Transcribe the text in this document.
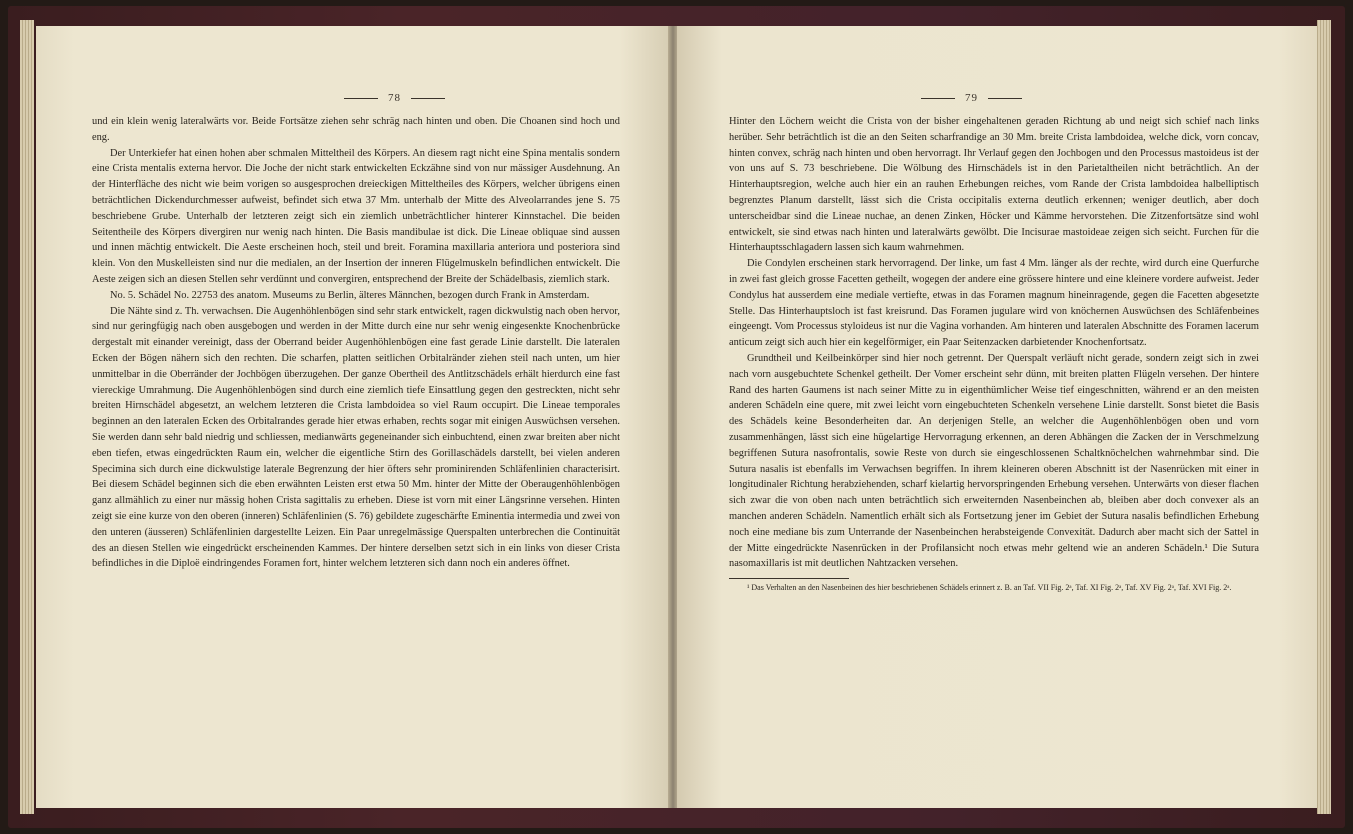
78

und ein klein wenig lateralwärts vor. Beide Fortsätze ziehen sehr schräg nach hinten und oben. Die Choanen sind hoch und eng.

Der Unterkiefer hat einen hohen aber schmalen Mitteltheil des Körpers. An diesem ragt nicht eine Spina mentalis sondern eine Crista mentalis externa hervor. Die Joche der nicht stark entwickelten Eckzähne sind von nur mässiger Ausdehnung. An der Hinterfläche des nicht wie beim vorigen so ausgesprochen dreieckigen Mitteltheiles des Körpers, welcher übrigens einen beträchtlichen Dickendurchmesser aufweist, befindet sich etwa 37 Mm. unterhalb der Mitte des Alveolarrandes jene S. 75 beschriebene Grube. Unterhalb der letzteren zeigt sich ein ziemlich unbeträchtlicher hinterer Kinnstachel. Die beiden Seitentheile des Körpers divergiren nur wenig nach hinten. Die Basis mandibulae ist dick. Die Lineae obliquae sind aussen und innen mächtig entwickelt. Die Aeste erscheinen hoch, steil und breit. Foramina maxillaria anteriora und posteriora sind klein. Von den Muskelleisten sind nur die medialen, an der Insertion der inneren Flügelmuskeln befindlichen entwickelt. Die Aeste zeigen sich an diesen Stellen sehr verdünnt und convergiren, entsprechend der Breite der Schädelbasis, ziemlich stark.

No. 5. Schädel No. 22753 des anatom. Museums zu Berlin, älteres Männchen, bezogen durch Frank in Amsterdam.

Die Nähte sind z. Th. verwachsen. Die Augenhöhlenbögen sind sehr stark entwickelt, ragen dickwulstig nach oben hervor, sind nur geringfügig nach oben ausgebogen und werden in der Mitte durch eine nur sehr wenig eingesenkte Knochenbrücke dergestalt mit einander vereinigt, dass der Oberrand beider Augenhöhlenbögen eine fast gerade Linie darstellt. Die lateralen Ecken der Bögen nähern sich den rechten. Die scharfen, platten seitlichen Orbitalränder ziehen steil nach unten, um hier unmittelbar in die Oberränder der Jochbögen überzugehen. Der ganze Obertheil des Antlitzschädels erhält hierdurch eine fast viereckige Umrahmung. Die Augenhöhlenbögen sind durch eine ziemlich tiefe Einsattlung gegen den gestreckten, nicht sehr breiten Hirnschädel abgesetzt, an welchem letzteren die Crista lambdoidea so viel Raum occupirt. Die Lineae temporales beginnen an den lateralen Ecken des Orbitalrandes gerade hier etwas erhaben, rechts sogar mit einigen Auswüchsen versehen. Sie werden dann sehr bald niedrig und schliessen, medianwärts gegeneinander sich einbuchtend, einen zwar breiten aber nicht eben tiefen, etwas eingedrückten Raum ein, welcher die eigentliche Stirn des Gorillaschädels darstellt, bei vielen anderen Specimina sich durch eine dickwulstige laterale Begrenzung der hier öfters sehr prominirenden Schläfenlinien characterisirt. Bei diesem Schädel beginnen sich die eben erwähnten Leisten erst etwa 50 Mm. hinter der Mitte der Oberaugenhöhlenbögen ganz allmählich zu einer nur mässig hohen Crista sagittalis zu erheben. Diese ist vorn mit einer Längsrinne versehen. Hinten zeigt sie eine kurze von den oberen (inneren) Schläfenlinien (S. 76) gebildete zugeschärfte Eminentia intermedia und zwei von den unteren (äusseren) Schläfenlinien dargestellte Leizen. Ein Paar unregelmässige Querspalten unterbrechen die Continuität des an diesen Stellen wie eingedrückt erscheinenden Kammes. Der hintere derselben setzt sich in ein links von dieser Crista befindliches in die Diploë eindringendes Foramen fort, hinter welchem letzteren sich dann noch ein anderes öffnet.

79

Hinter den Löchern weicht die Crista von der bisher eingehaltenen geraden Richtung ab und neigt sich schief nach links herüber. Sehr beträchtlich ist die an den Seiten scharfrandige an 30 Mm. breite Crista lambdoidea, welche dick, vorn concav, hinten convex, schräg nach hinten und oben hervorragt. Ihr Verlauf gegen den Jochbogen und den Processus mastoideus ist der von uns auf S. 73 beschriebene. Die Wölbung des Hirnschädels ist in den Parietaltheilen nicht beträchtlich. An der Hinterhauptsregion, welche auch hier ein an rauhen Erhebungen reiches, vom Rande der Crista lambdoidea halbelliptisch begrenztes Planum darstellt, lässt sich die Crista occipitalis externa deutlich erkennen; weniger deutlich, aber doch unterscheidbar sind die Lineae nuchae, an denen Zinken, Höcker und Kämme hervorstehen. Die Zitzenfortsätze sind wohl entwickelt, sie sind etwas nach hinten und lateralwärts gewölbt. Die Incisurae mastoideae zeigen sich seicht. Furchen für die Hinterhauptsschlagadern lassen sich kaum wahrnehmen.

Die Condylen erscheinen stark hervorragend. Der linke, um fast 4 Mm. länger als der rechte, wird durch eine Querfurche in zwei fast gleich grosse Facetten getheilt, wogegen der andere eine grössere hintere und eine kleinere vordere aufweist. Jeder Condylus hat ausserdem eine mediale vertiefte, etwas in das Foramen magnum hineinragende, gegen die Facetten abgesetzte Stelle. Das Hinterhauptsloch ist fast kreisrund. Das Foramen jugulare wird von knöchernen Auswüchsen des Schläfenbeines eingeengt. Vom Processus styloideus ist nur die Vagina vorhanden. Am hinteren und lateralen Abschnitte des Foramen lacerum anticum zeigt sich auch hier ein kegelförmiger, ein Paar Seitenzacken darbietender Knochenfortsatz.

Grundtheil und Keilbeinkörper sind hier noch getrennt. Der Querspalt verläuft nicht gerade, sondern zeigt sich in zwei nach vorn ausgebuchtete Schenkel getheilt. Der Vomer erscheint sehr dünn, mit breiten platten Flügeln versehen. Der hintere Rand des harten Gaumens ist nach seiner Mitte zu in eigenthümlicher Weise tief eingeschnitten, während er an den meisten anderen Schädeln eine quere, mit zwei leicht vorn eingebuchteten Schenkeln versehene Linie darstellt. Sonst bietet die Basis des Schädels keine Besonderheiten dar. An derjenigen Stelle, an welcher die Augenhöhlenbögen oben und vorn zusammenhängen, lässt sich eine hügelartige Hervorragung erkennen, an deren Abhängen die Zacken der in Verschmelzung begriffenen Sutura nasofrontalis, sowie Reste von durch sie eingeschlossenen Schaltknöchelchen wahrnehmbar sind. Die Sutura nasalis ist ebenfalls im Verwachsen begriffen. In ihrem kleineren oberen Abschnitt ist der Nasenrücken mit einer in longitudinaler Richtung herabziehenden, scharf kielartig hervorspringenden Erhebung versehen. Unterwärts von dieser flachen sich zwar die von oben nach unten beträchtlich sich erweiternden Nasenbeinchen ab, bleiben aber doch convexer als an manchen anderen Schädeln. Namentlich erhält sich als Fortsetzung jener im Gebiet der Sutura nasalis befindlichen Erhebung noch eine mediane bis zum Unterrande der Nasenbeinchen herabsteigende Convexität. Dadurch aber macht sich der Sattel in der Mitte eingedrückte Nasenrücken in der Profilansicht noch etwas mehr geltend wie an anderen Schädeln.¹ Die Sutura nasomaxillaris ist mit deutlichen Nahtzacken versehen.

¹ Das Verhalten an den Nasenbeinen des hier beschriebenen Schädels erinnert z. B. an Taf. VII Fig. 2ᵃ, Taf. XI Fig. 2ᵃ, Taf. XV Fig. 2ᵃ, Taf. XVI Fig. 2ᵃ.
